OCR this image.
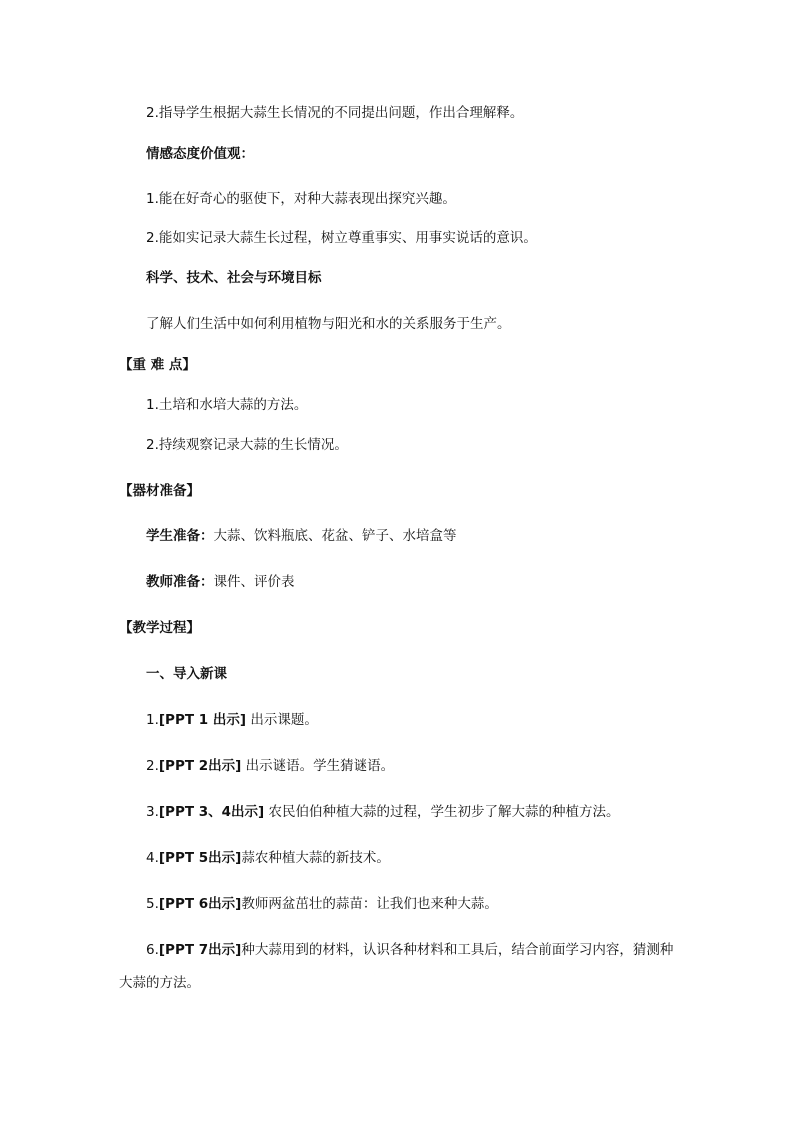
2.指导学生根据大蒜生长情况的不同提出问题，作出合理解释。
情感态度价值观：
1.能在好奇心的驱使下，对种大蒜表现出探究兴趣。
2.能如实记录大蒜生长过程，树立尊重事实、用事实说话的意识。
科学、技术、社会与环境目标
了解人们生活中如何利用植物与阳光和水的关系服务于生产。
【重 难 点】
1.土培和水培大蒜的方法。
2.持续观察记录大蒜的生长情况。
【器材准备】
学生准备：大蒜、饮料瓶底、花盆、铲子、水培盒等
教师准备：课件、评价表
【教学过程】
一、导入新课
1.[PPT 1 出示] 出示课题。
2.[PPT 2出示] 出示谜语。学生猜谜语。
3.[PPT 3、4出示] 农民伯伯种植大蒜的过程，学生初步了解大蒜的种植方法。
4.[PPT 5出示]蒜农种植大蒜的新技术。
5.[PPT 6出示]教师两盆茁壮的蒜苗：让我们也来种大蒜。
6.[PPT 7出示]种大蒜用到的材料，认识各种材料和工具后，结合前面学习内容，猜测种大蒜的方法。
